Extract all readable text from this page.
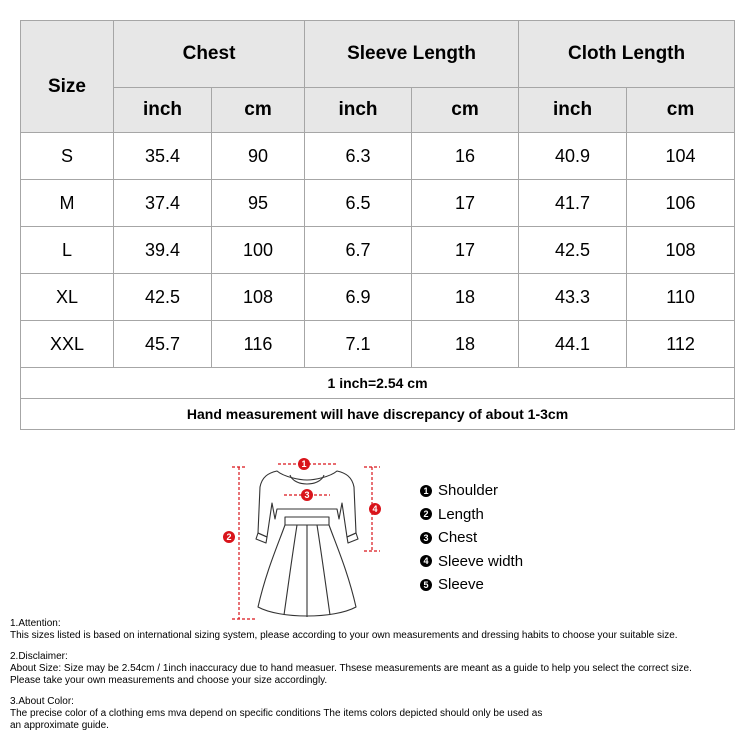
Size	Chest		Sleeve Length		Cloth Length	
	inch	cm	inch	cm	inch	cm
S	35.4	90	6.3	16	40.9	104
M	37.4	95	6.5	17	41.7	106
L	39.4	100	6.7	17	42.5	108
XL	42.5	108	6.9	18	43.3	110
XXL	45.7	116	7.1	18	44.1	112
1 inch=2.54 cm						
Hand measurement will have discrepancy of about 1-3cm						
1
2
3
4
1 Shoulder
2 Length
3 Chest
4 Sleeve width
5 Sleeve

1.Attention:

This sizes listed is based on international sizing system, please according to your own measurements and dressing habits to choose your suitable size.

2.Disclaimer:

About Size: Size may be 2.54cm / 1inch inaccuracy due to hand measuer. Thsese measurements are meant as a guide to help you select the correct size.

Please take your own measurements and choose your size accordingly.

3.About Color:

The precise color of a clothing ems mva depend on specific conditions The items colors depicted should only be used as

an approximate guide.
